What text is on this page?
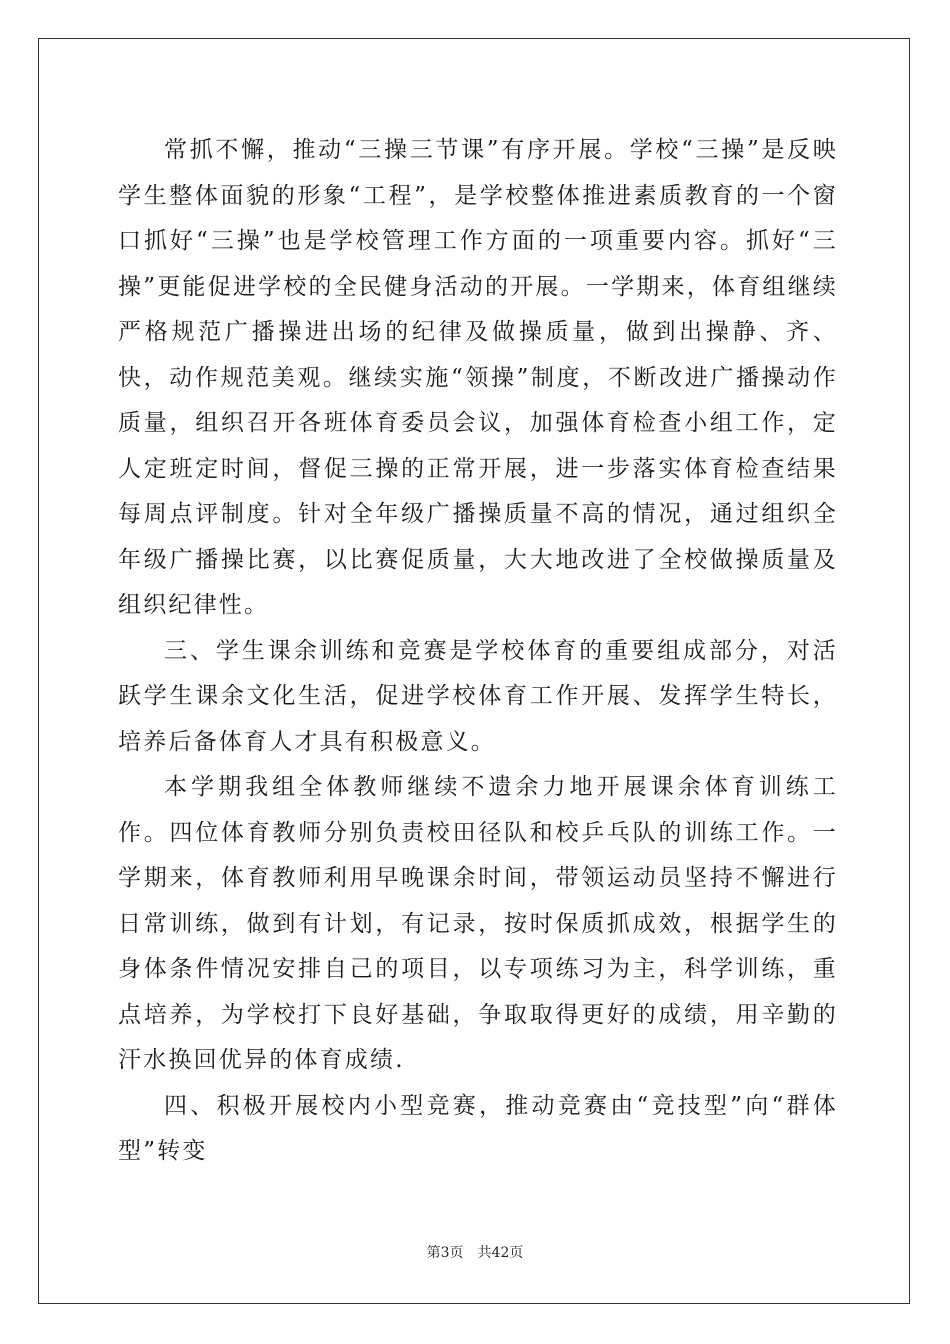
常抓不懈，推动“三操三节课”有序开展。学校“三操”是反映学生整体面貌的形象“工程”，是学校整体推进素质教育的一个窗口抓好“三操”也是学校管理工作方面的一项重要内容。抓好“三操”更能促进学校的全民健身活动的开展。一学期来，体育组继续严格规范广播操进出场的纪律及做操质量，做到出操静、齐、快，动作规范美观。继续实施“领操”制度，不断改进广播操动作质量，组织召开各班体育委员会议，加强体育检查小组工作，定人定班定时间，督促三操的正常开展，进一步落实体育检查结果每周点评制度。针对全年级广播操质量不高的情况，通过组织全年级广播操比赛，以比赛促质量，大大地改进了全校做操质量及组织纪律性。

三、学生课余训练和竞赛是学校体育的重要组成部分，对活跃学生课余文化生活，促进学校体育工作开展、发挥学生特长，培养后备体育人才具有积极意义。

本学期我组全体教师继续不遗余力地开展课余体育训练工作。四位体育教师分别负责校田径队和校乒乓队的训练工作。一学期来，体育教师利用早晚课余时间，带领运动员坚持不懈进行日常训练，做到有计划，有记录，按时保质抓成效，根据学生的身体条件情况安排自己的项目，以专项练习为主，科学训练，重点培养，为学校打下良好基础，争取取得更好的成绩，用辛勤的汗水换回优异的体育成绩.

四、积极开展校内小型竞赛，推动竞赛由“竞技型”向“群体型”转变

第3页 共42页
